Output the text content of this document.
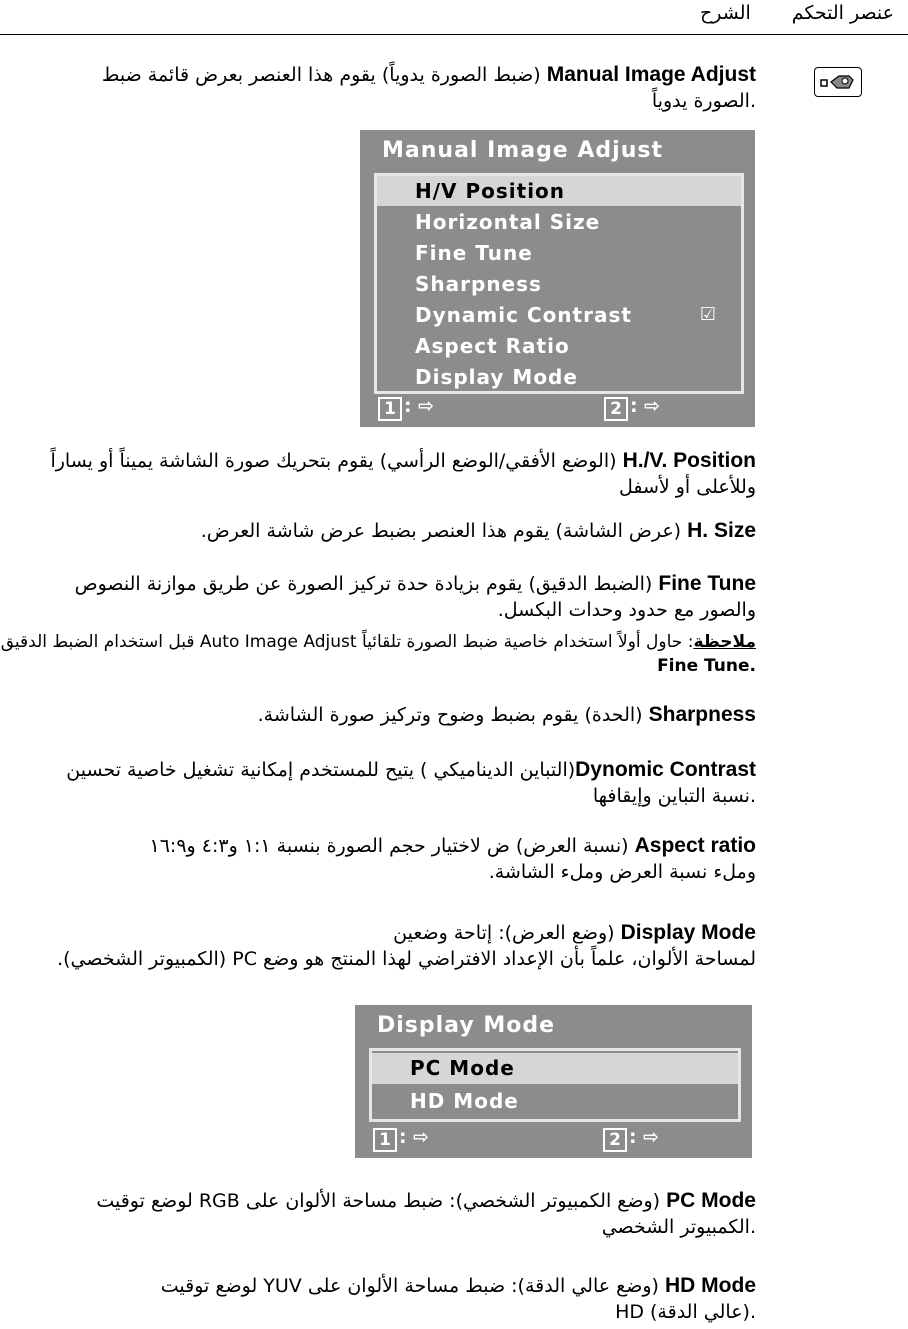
عنصر التحكم
الشرح
Manual Image Adjust (ضبط الصورة يدوياً) يقوم هذا العنصر بعرض قائمة ضبط
.الصورة يدوياً
Manual Image Adjust
H/V Position
Horizontal Size
Fine Tune
Sharpness
Dynamic Contrast	☑
Aspect Ratio
Display Mode
1 : ⇨	2 : ⇨
H./V. Position (الوضع الأفقي/الوضع الرأسي) يقوم بتحريك صورة الشاشة يميناً أو يساراً
وللأعلى أو لأسفل
H. Size (عرض الشاشة) يقوم هذا العنصر بضبط عرض شاشة العرض.
Fine Tune (الضبط الدقيق) يقوم بزيادة حدة تركيز الصورة عن طريق موازنة النصوص
والصور مع حدود وحدات البكسل.
ملاحظة: حاول أولاً استخدام خاصية ضبط الصورة تلقائياً Auto Image Adjust قبل استخدام الضبط الدقيق
.Fine Tune
Sharpness (الحدة) يقوم بضبط وضوح وتركيز صورة الشاشة.
Dynomic Contrast(التباين الديناميكي ) يتيح للمستخدم إمكانية تشغيل خاصية تحسين
.نسبة التباين وإيقافها
Aspect ratio (نسبة العرض) ض لاختيار حجم الصورة بنسبة ١:١ و٤:٣ و١٦:٩
وملء نسبة العرض وملء الشاشة.
Display Mode (وضع العرض): إتاحة وضعين
لمساحة الألوان، علماً بأن الإعداد الافتراضي لهذا المنتج هو وضع PC (الكمبيوتر الشخصي).
Display Mode
PC Mode
HD Mode
1 : ⇨	2 : ⇨
PC Mode (وضع الكمبيوتر الشخصي): ضبط مساحة الألوان على RGB لوضع توقيت
.الكمبيوتر الشخصي
HD Mode (وضع عالي الدقة): ضبط مساحة الألوان على YUV لوضع توقيت
.(عالي الدقة) HD
